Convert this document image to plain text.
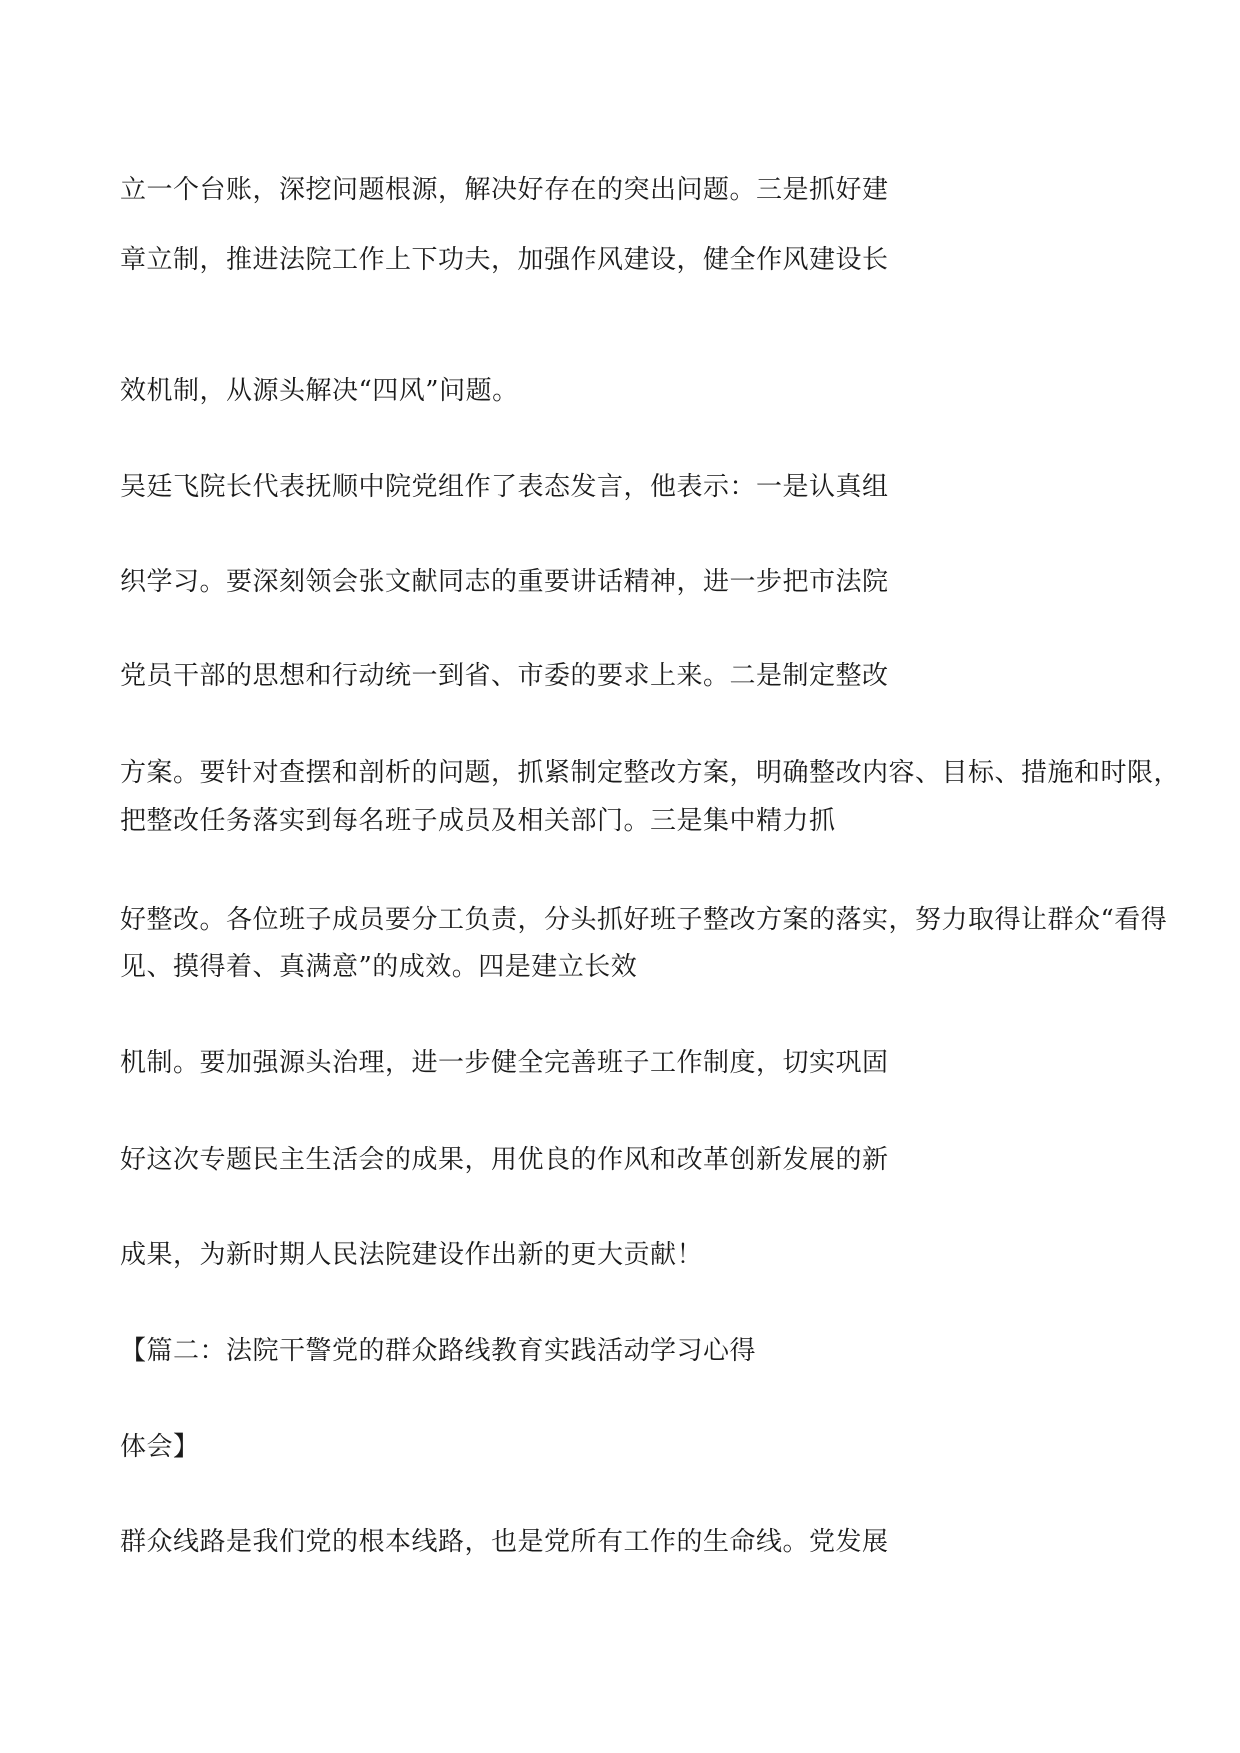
立一个台账，深挖问题根源，解决好存在的突出问题。三是抓好建

章立制，推进法院工作上下功夫，加强作风建设，健全作风建设长

效机制，从源头解决“四风”问题。

吴廷飞院长代表抚顺中院党组作了表态发言，他表示：一是认真组

织学习。要深刻领会张文献同志的重要讲话精神，进一步把市法院

党员干部的思想和行动统一到省、市委的要求上来。二是制定整改

方案。要针对查摆和剖析的问题，抓紧制定整改方案，明确整改内容、目标、措施和时限，

把整改任务落实到每名班子成员及相关部门。三是集中精力抓

好整改。各位班子成员要分工负责，分头抓好班子整改方案的落实，努力取得让群众“看得

见、摸得着、真满意”的成效。四是建立长效

机制。要加强源头治理，进一步健全完善班子工作制度，切实巩固

好这次专题民主生活会的成果，用优良的作风和改革创新发展的新

成果，为新时期人民法院建设作出新的更大贡献！

【篇二：法院干警党的群众路线教育实践活动学习心得

体会】

群众线路是我们党的根本线路，也是党所有工作的生命线。党发展
